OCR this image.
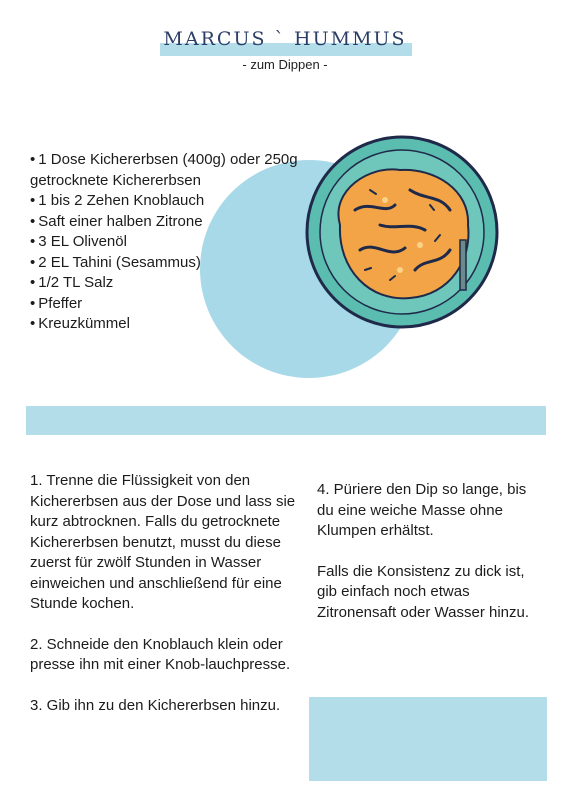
MARCUS ` HUMMUS
- zum Dippen -
• 1 Dose Kichererbsen (400g) oder 250g getrocknete Kichererbsen
• 1 bis 2 Zehen Knoblauch
• Saft einer halben Zitrone
• 3 EL Olivenöl
• 2 EL Tahini (Sesammus)
• 1/2 TL Salz
• Pfeffer
• Kreuzkümmel

1. Trenne die Flüssigkeit von den Kichererbsen aus der Dose und lass sie kurz abtrocknen. Falls du getrocknete Kichererbsen benutzt, musst du diese zuerst für zwölf Stunden in Wasser einweichen und anschließend für eine Stunde kochen.

2. Schneide den Knoblauch klein oder presse ihn mit einer Knob-lauchpresse.

3. Gib ihn zu den Kichererbsen hinzu.

4. Püriere den Dip so lange, bis du eine weiche Masse ohne Klumpen erhältst.

Falls die Konsistenz zu dick ist, gib einfach noch etwas Zitronensaft oder Wasser hinzu.
